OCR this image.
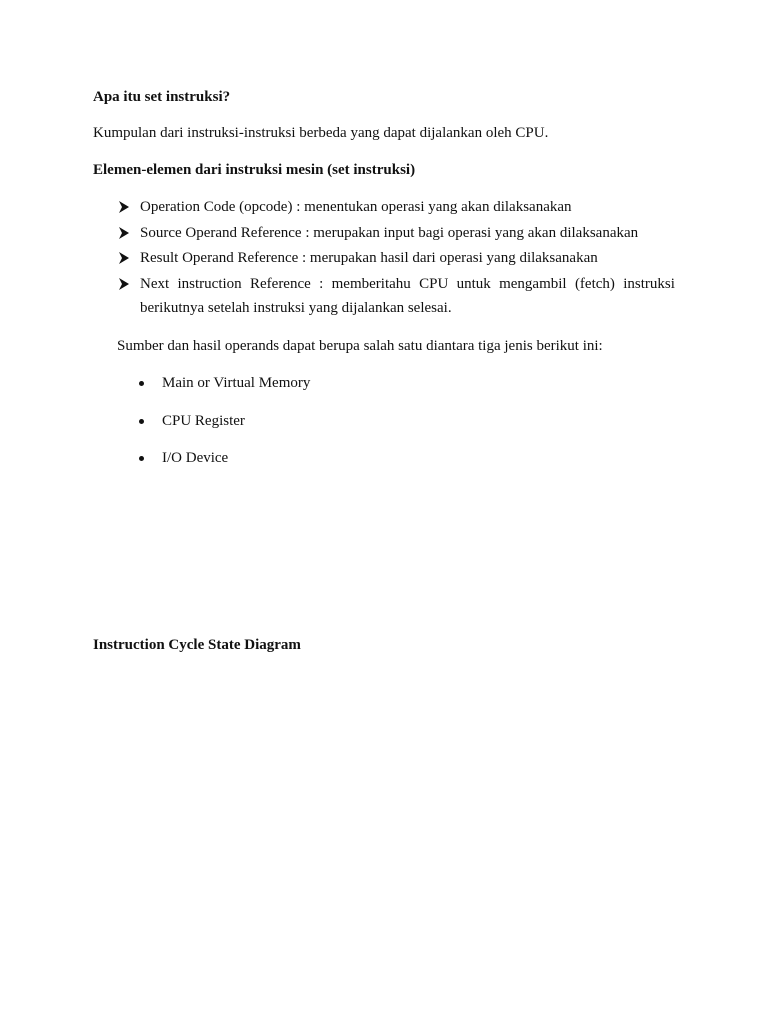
Apa itu set instruksi?
Kumpulan dari instruksi-instruksi berbeda yang dapat dijalankan oleh CPU.
Elemen-elemen dari instruksi mesin (set instruksi)
Operation Code (opcode) : menentukan operasi yang akan dilaksanakan
Source Operand Reference : merupakan input bagi operasi yang akan dilaksanakan
Result Operand Reference : merupakan hasil dari operasi yang dilaksanakan
Next instruction Reference : memberitahu CPU untuk mengambil (fetch) instruksi
berikutnya setelah instruksi yang dijalankan selesai.
Sumber dan hasil operands dapat berupa salah satu diantara tiga jenis berikut ini:
Main or Virtual Memory
CPU Register
I/O Device
Instruction Cycle State Diagram
